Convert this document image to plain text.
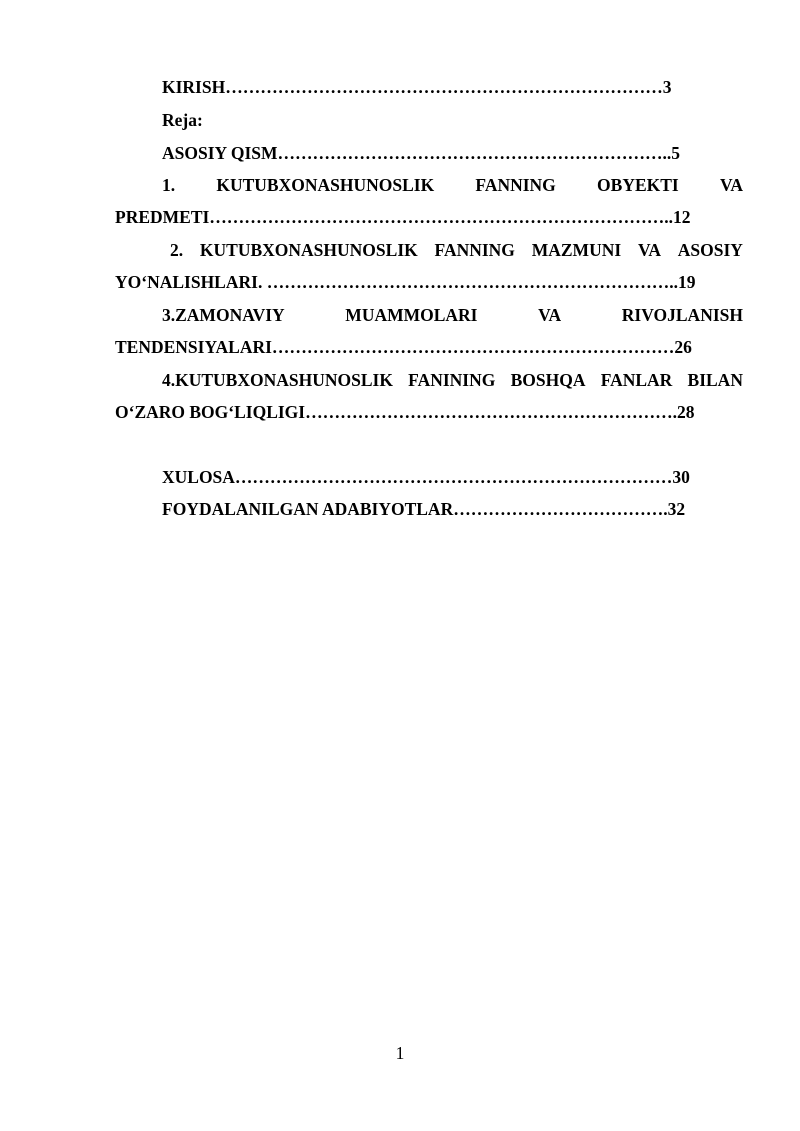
KIRISH…………………………………………………………………3
Reja:
ASOSIY QISM…………………………………………………………..5
1. KUTUBXONASHUNOSLIK FANNING OBYEKTI VA
PREDMETI……………………………………………………………………..12
2. KUTUBXONASHUNOSLIK FANNING MAZMUNI VA ASOSIY
YO‘NALISHLARI. ……………………………………………………………..19
3.ZAMONAVIY	MUAMMOLARI	VA	RIVOJLANISH
TENDENSIYALARI……………………………………………………………26
4.KUTUBXONASHUNOSLIK FANINING BOSHQA FANLAR BILAN
O‘ZARO BOG‘LIQLIGI……………………………………………………….28
XULOSA…………………………………………………………………30
FOYDALANILGAN ADABIYOTLAR……………………………….32
1
